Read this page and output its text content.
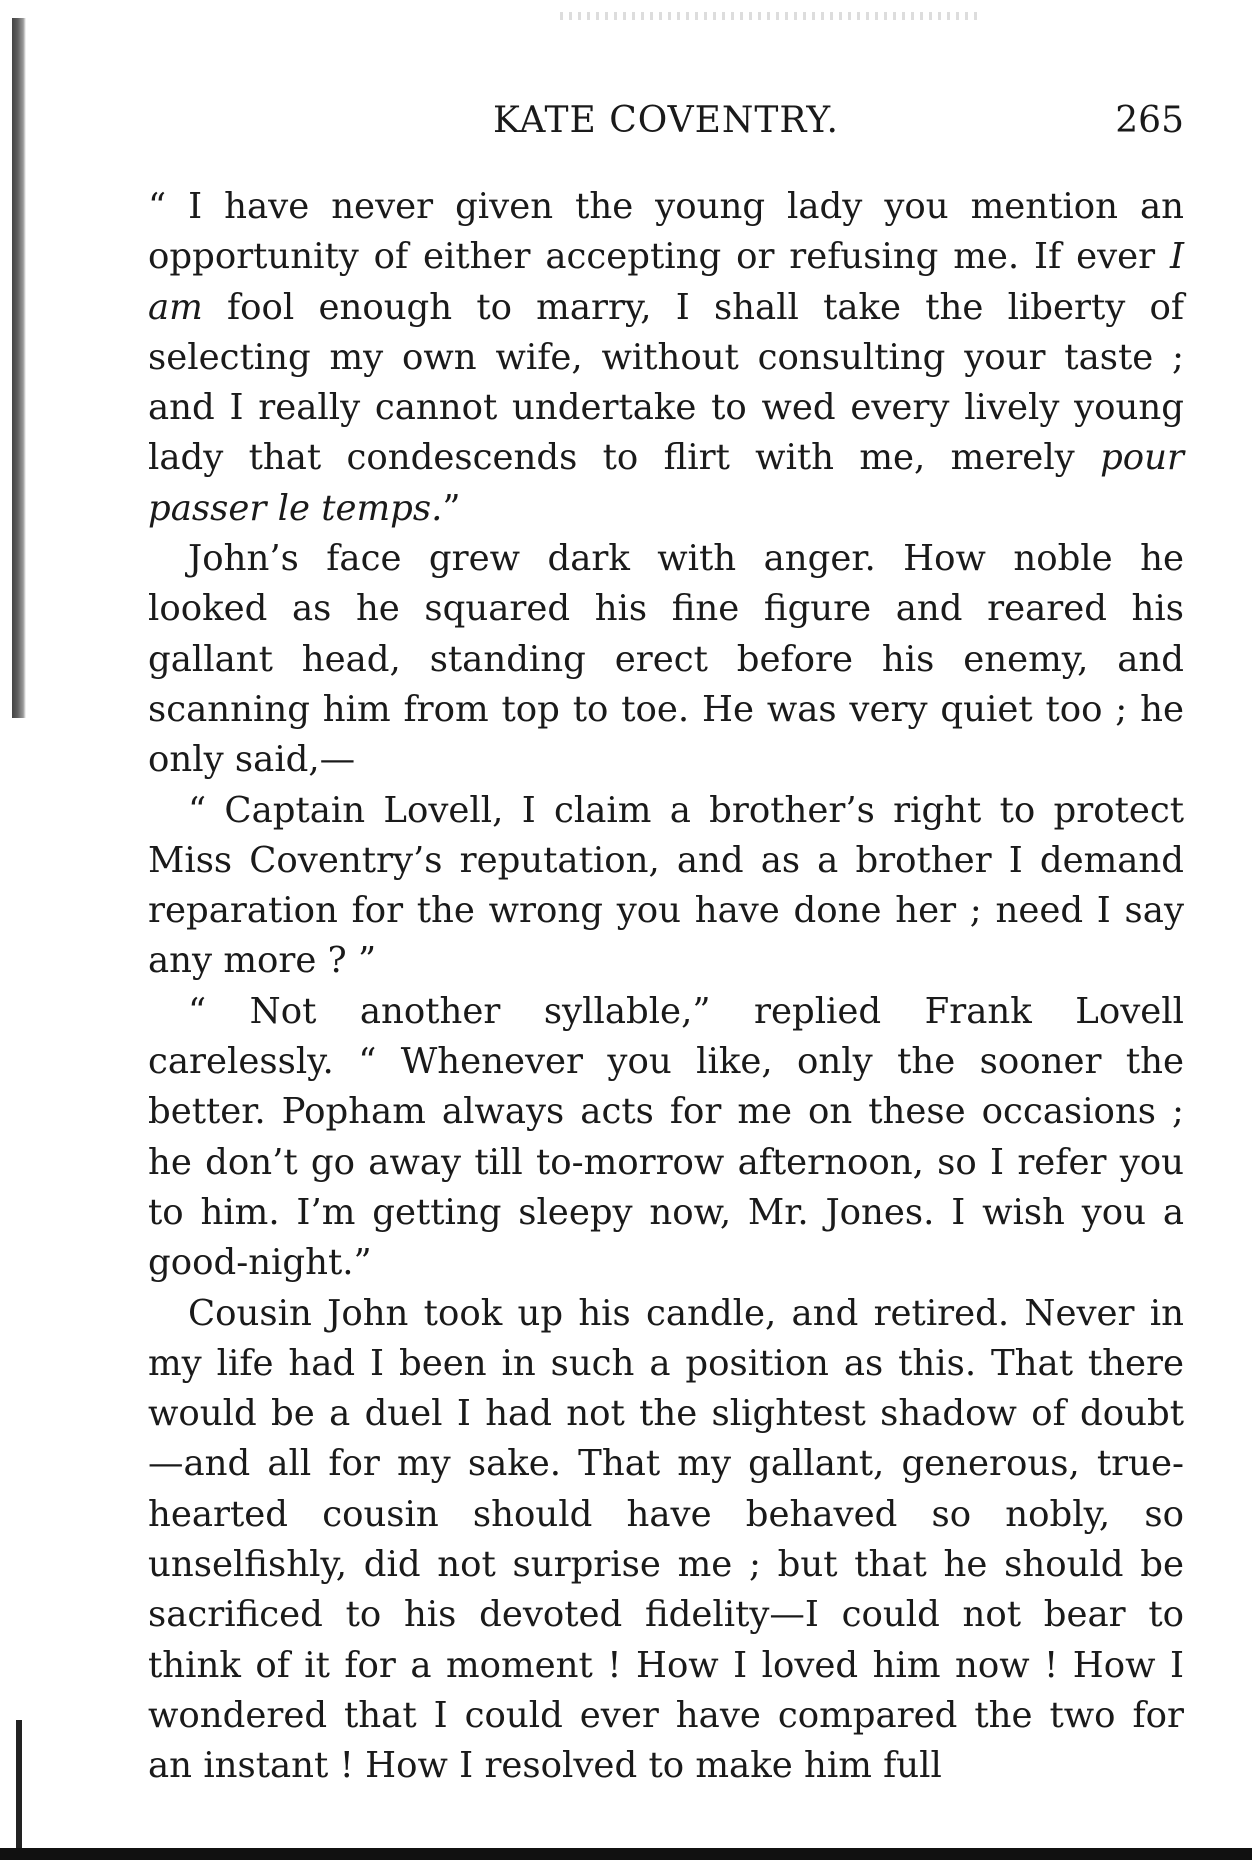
KATE COVENTRY.	265

“ I have never given the young lady you mention an opportunity of either accepting or refusing me. If ever I am fool enough to marry, I shall take the liberty of selecting my own wife, without consulting your taste ; and I really cannot undertake to wed every lively young lady that condescends to flirt with me, merely pour passer le temps.”

John’s face grew dark with anger. How noble he looked as he squared his fine figure and reared his gallant head, standing erect before his enemy, and scanning him from top to toe. He was very quiet too ; he only said,—

“ Captain Lovell, I claim a brother’s right to protect Miss Coventry’s reputation, and as a brother I demand reparation for the wrong you have done her ; need I say any more ? ”

“ Not another syllable,” replied Frank Lovell carelessly. “ Whenever you like, only the sooner the better. Popham always acts for me on these occasions ; he don’t go away till to-morrow afternoon, so I refer you to him. I’m getting sleepy now, Mr. Jones. I wish you a good-night.”

Cousin John took up his candle, and retired. Never in my life had I been in such a position as this. That there would be a duel I had not the slightest shadow of doubt—and all for my sake. That my gallant, generous, true-hearted cousin should have behaved so nobly, so unselfishly, did not surprise me ; but that he should be sacrificed to his devoted fidelity—I could not bear to think of it for a moment ! How I loved him now ! How I wondered that I could ever have compared the two for an instant ! How I resolved to make him full
